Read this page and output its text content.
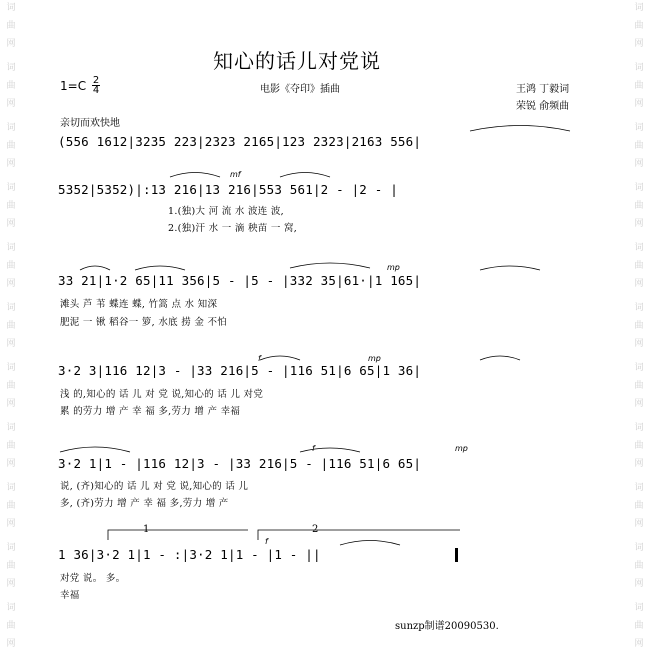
词
曲
网
词
曲
网
词
曲
网
词
曲
网
词
曲
网
词
曲
网
词
曲
网
词
曲
网
词
曲
网
词
曲
网
词
曲
网
词
曲
网
词
曲
网
词
曲
网
词
曲
网
词
曲
网
词
曲
网
词
曲
网
词
曲
网
词
曲
网
词
曲
网
词
曲
网
知心的话儿对党说
$1=C \frac{2}{4}$	电影《夺印》插曲	王鸿 丁毅词
荣锐 俞频曲
亲切而欢快地
(556 1612|3235 223|2323 2165|123 2323|2163 556|
mf
5352|5352)|:13 216|13 216|553 561|2 - |2 - |
1.(独)大 河 流 水 波连 波,
2.(独)汗 水 一 滴 秧苗 一 窝,
mp
33 21|1·2 65|11 356|5 - |5 - |332 35|61·|1 165|
滩头 芦 苇 蝶连 蝶, 竹篙 点 水 知深
肥泥 一 锹 稻谷一 箩, 水底 捞 金 不怕
mp
f
3·2 3|116 12|3 - |33 216|5 - |116 51|6 65|1 36|
浅 的,知心的 话 儿 对 党 说,知心的 话 儿 对党
累 的劳力 增 产 幸 福 多,劳力 增 产 幸福
f	mp
3·2 1|1 - |116 12|3 - |33 216|5 - |116 51|6 65|
说, (齐)知心的 话 儿 对 党 说,知心的 话 儿
多, (齐)劳力 增 产 幸 福 多,劳力 增 产
1	2
f
1 36|3·2 1|1 - :|3·2 1|1 - |1 - ||
对党 说。 多。
幸福
sunzp制谱20090530.
